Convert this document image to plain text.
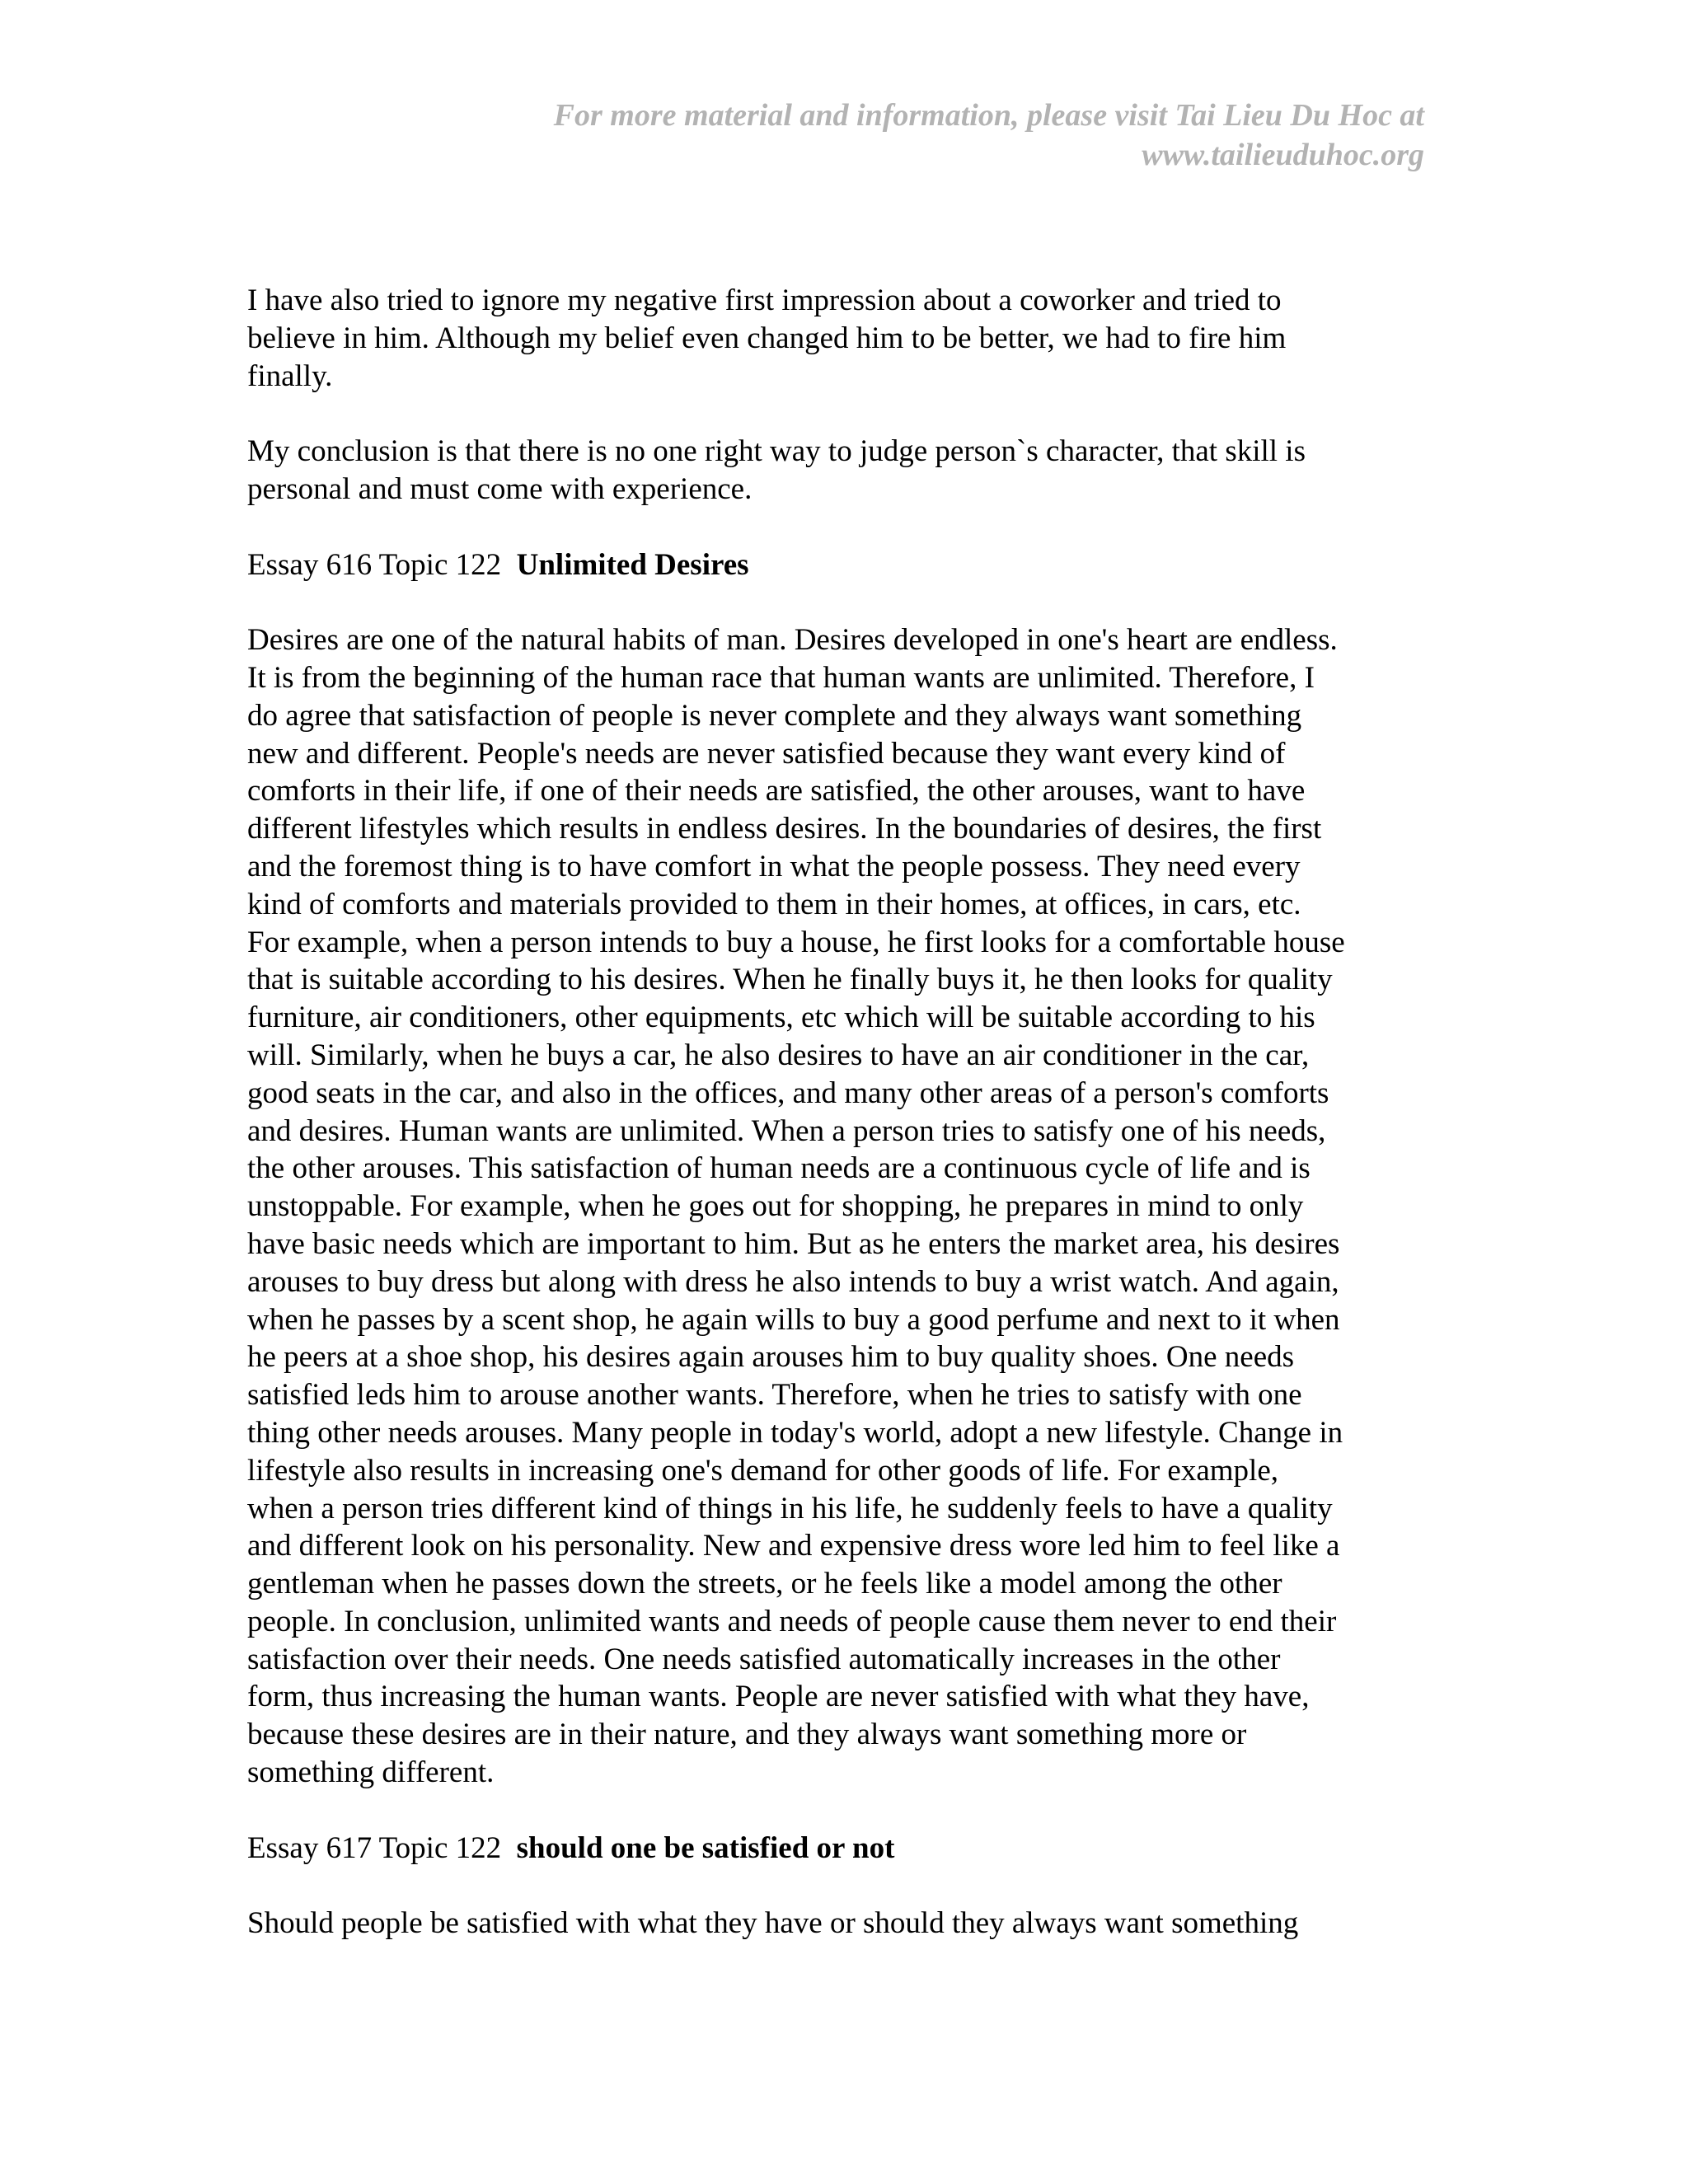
For more material and information, please visit Tai Lieu Du Hoc at
www.tailieuduhoc.org

I have also tried to ignore my negative first impression about a coworker and tried to
believe in him. Although my belief even changed him to be better, we had to fire him
finally.

My conclusion is that there is no one right way to judge person`s character, that skill is
personal and must come with experience.

Essay 616 Topic 122 Unlimited Desires

Desires are one of the natural habits of man. Desires developed in one's heart are endless.
It is from the beginning of the human race that human wants are unlimited. Therefore, I
do agree that satisfaction of people is never complete and they always want something
new and different. People's needs are never satisfied because they want every kind of
comforts in their life, if one of their needs are satisfied, the other arouses, want to have
different lifestyles which results in endless desires. In the boundaries of desires, the first
and the foremost thing is to have comfort in what the people possess. They need every
kind of comforts and materials provided to them in their homes, at offices, in cars, etc.
For example, when a person intends to buy a house, he first looks for a comfortable house
that is suitable according to his desires. When he finally buys it, he then looks for quality
furniture, air conditioners, other equipments, etc which will be suitable according to his
will. Similarly, when he buys a car, he also desires to have an air conditioner in the car,
good seats in the car, and also in the offices, and many other areas of a person's comforts
and desires. Human wants are unlimited. When a person tries to satisfy one of his needs,
the other arouses. This satisfaction of human needs are a continuous cycle of life and is
unstoppable. For example, when he goes out for shopping, he prepares in mind to only
have basic needs which are important to him. But as he enters the market area, his desires
arouses to buy dress but along with dress he also intends to buy a wrist watch. And again,
when he passes by a scent shop, he again wills to buy a good perfume and next to it when
he peers at a shoe shop, his desires again arouses him to buy quality shoes. One needs
satisfied leds him to arouse another wants. Therefore, when he tries to satisfy with one
thing other needs arouses. Many people in today's world, adopt a new lifestyle. Change in
lifestyle also results in increasing one's demand for other goods of life. For example,
when a person tries different kind of things in his life, he suddenly feels to have a quality
and different look on his personality. New and expensive dress wore led him to feel like a
gentleman when he passes down the streets, or he feels like a model among the other
people. In conclusion, unlimited wants and needs of people cause them never to end their
satisfaction over their needs. One needs satisfied automatically increases in the other
form, thus increasing the human wants. People are never satisfied with what they have,
because these desires are in their nature, and they always want something more or
something different.

Essay 617 Topic 122 should one be satisfied or not

Should people be satisfied with what they have or should they always want something
